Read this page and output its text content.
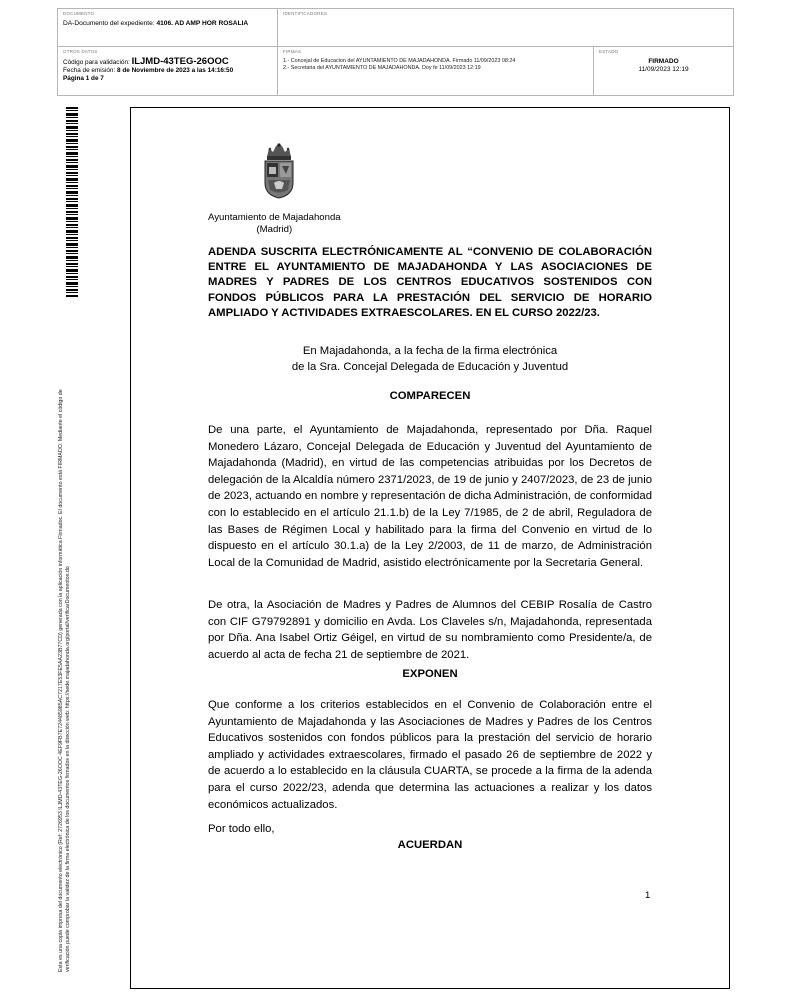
DOCUMENTO
DA-Documento del expediente: 4106. AD AMP HOR ROSALIA
IDENTIFICADORES
OTROS DATOS
Código para validación: ILJMD-43TEG-26OOC
Fecha de emisión: 8 de Noviembre de 2023 a las 14:16:50
Página 1 de 7
FIRMAS
1.- Concejal de Educacion del AYUNTAMIENTO DE MAJADAHONDA. Firmado 11/09/2023 08:24
2.- Secretaria del AYUNTAMIENTO DE MAJADAHONDA. Doy fe 11/09/2023 12:19
ESTADO
FIRMADO
11/09/2023 12:19
Esta es una copia impresa del documento electrónico (Ref: 2726953 ILJMD-43TEG-26OOC 4EF9FB7E724485985AC7217E53FE5AA23B77CD) generada con la aplicación informática Firmadoc. El documento está FIRMADO. Mediante el código de verificación puede comprobar la validez de la firma electrónica de los documentos firmados en la dirección web: https://sede.majadahonda.org/portal/verificarDocumentos.do
Ayuntamiento de Majadahonda
(Madrid)
ADENDA SUSCRITA ELECTRÓNICAMENTE AL “CONVENIO DE COLABORACIÓN ENTRE EL AYUNTAMIENTO DE MAJADAHONDA Y LAS ASOCIACIONES DE MADRES Y PADRES DE LOS CENTROS EDUCATIVOS SOSTENIDOS CON FONDOS PÚBLICOS PARA LA PRESTACIÓN DEL SERVICIO DE HORARIO AMPLIADO Y ACTIVIDADES EXTRAESCOLARES. EN EL CURSO 2022/23.
En Majadahonda, a la fecha de la firma electrónica
de la Sra. Concejal Delegada de Educación y Juventud
COMPARECEN
De una parte, el Ayuntamiento de Majadahonda, representado por Dña. Raquel Monedero Lázaro, Concejal Delegada de Educación y Juventud del Ayuntamiento de Majadahonda (Madrid), en virtud de las competencias atribuidas por los Decretos de delegación de la Alcaldía número 2371/2023, de 19 de junio y 2407/2023, de 23 de junio de 2023, actuando en nombre y representación de dicha Administración, de conformidad con lo establecido en el artículo 21.1.b) de la Ley 7/1985, de 2 de abril, Reguladora de las Bases de Régimen Local y habilitado para la firma del Convenio en virtud de lo dispuesto en el artículo 30.1.a) de la Ley 2/2003, de 11 de marzo, de Administración Local de la Comunidad de Madrid, asistido electrónicamente por la Secretaria General.
De otra, la Asociación de Madres y Padres de Alumnos del CEBIP Rosalía de Castro con CIF G79792891 y domicilio en Avda. Los Claveles s/n, Majadahonda, representada por Dña. Ana Isabel Ortiz Géigel, en virtud de su nombramiento como Presidente/a, de acuerdo al acta de fecha 21 de septiembre de 2021.
EXPONEN
Que conforme a los criterios establecidos en el Convenio de Colaboración entre el Ayuntamiento de Majadahonda y las Asociaciones de Madres y Padres de los Centros Educativos sostenidos con fondos públicos para la prestación del servicio de horario ampliado y actividades extraescolares, firmado el pasado 26 de septiembre de 2022 y de acuerdo a lo establecido en la cláusula CUARTA, se procede a la firma de la adenda para el curso 2022/23, adenda que determina las actuaciones a realizar y los datos económicos actualizados.
Por todo ello,
ACUERDAN
1
